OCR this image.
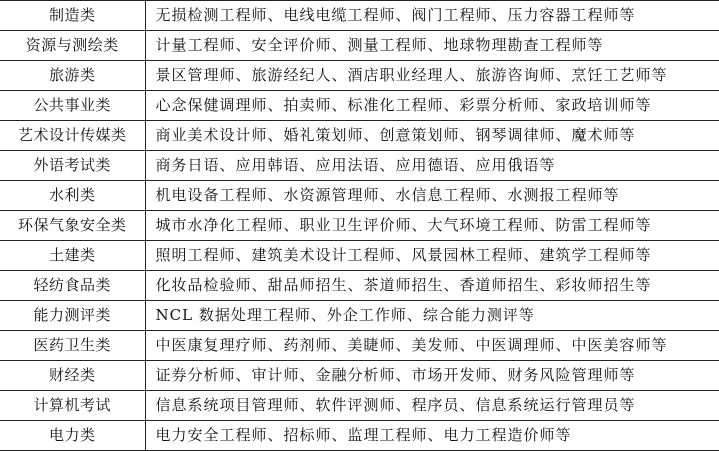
制造类	无损检测工程师、电线电缆工程师、阀门工程师、压力容器工程师等
资源与测绘类	计量工程师、安全评价师、测量工程师、地球物理勘查工程师等
旅游类	景区管理师、旅游经纪人、酒店职业经理人、旅游咨询师、烹饪工艺师等
公共事业类	心念保健调理师、拍卖师、标准化工程师、彩票分析师、家政培训师等
艺术设计传媒类	商业美术设计师、婚礼策划师、创意策划师、钢琴调律师、魔术师等
外语考试类	商务日语、应用韩语、应用法语、应用德语、应用俄语等
水利类	机电设备工程师、水资源管理师、水信息工程师、水测报工程师等
环保气象安全类	城市水净化工程师、职业卫生评价师、大气环境工程师、防雷工程师等
土建类	照明工程师、建筑美术设计工程师、风景园林工程师、建筑学工程师等
轻纺食品类	化妆品检验师、甜品师招生、茶道师招生、香道师招生、彩妆师招生等
能力测评类	NCL 数据处理工程师、外企工作师、综合能力测评等
医药卫生类	中医康复理疗师、药剂师、美睫师、美发师、中医调理师、中医美容师等
财经类	证券分析师、审计师、金融分析师、市场开发师、财务风险管理师等
计算机考试	信息系统项目管理师、软件评测师、程序员、信息系统运行管理员等
电力类	电力安全工程师、招标师、监理工程师、电力工程造价师等
